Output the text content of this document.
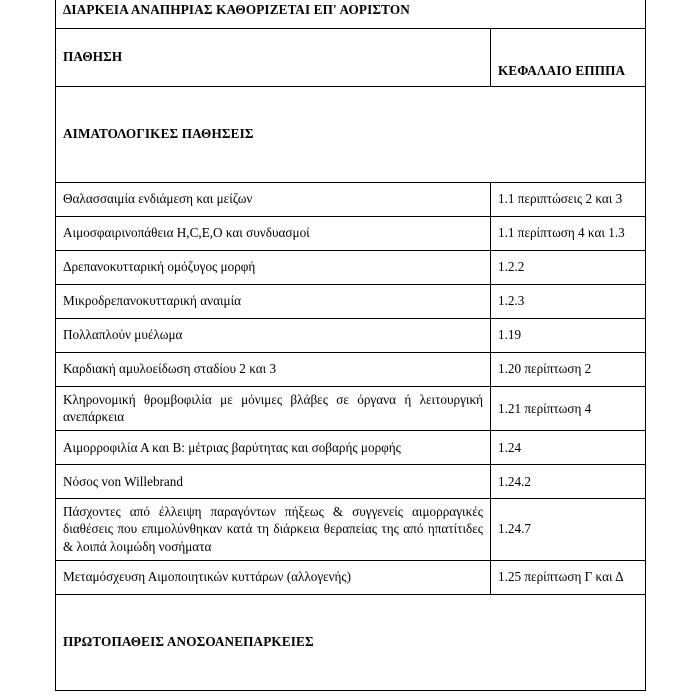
ΔΙΑΡΚΕΙΑ ΑΝΑΠΗΡΙΑΣ ΚΑΘΟΡΙΖΕΤΑΙ ΕΠ' ΑΟΡΙΣΤΟΝ	
ΠΑΘΗΣΗ	ΚΕΦΑΛΑΙΟ ΕΠΠΠΑ
ΑΙΜΑΤΟΛΟΓΙΚΕΣ ΠΑΘΗΣΕΙΣ	
Θαλασσαιμία ενδιάμεση και μείζων	1.1 περιπτώσεις 2 και 3
Αιμοσφαιρινοπάθεια H,C,E,O και συνδυασμοί	1.1 περίπτωση 4 και 1.3
Δρεπανοκυτταρική ομόζυγος μορφή	1.2.2
Μικροδρεπανοκυτταρική αναιμία	1.2.3
Πολλαπλούν μυέλωμα	1.19
Καρδιακή αμυλοείδωση σταδίου 2 και 3	1.20 περίπτωση 2
Κληρονομική θρομβοφιλία με μόνιμες βλάβες σε όργανα ή λειτουργική ανεπάρκεια	1.21 περίπτωση 4
Αιμορροφιλία Α και Β: μέτριας βαρύτητας και σοβαρής μορφής	1.24
Νόσος von Willebrand	1.24.2
Πάσχοντες από έλλειψη παραγόντων πήξεως & συγγενείς αιμορραγικές διαθέσεις που επιμολύνθηκαν κατά τη διάρκεια θεραπείας της από ηπατίτιδες & λοιπά λοιμώδη νοσήματα	1.24.7
Μεταμόσχευση Αιμοποιητικών κυττάρων (αλλογενής)	1.25 περίπτωση Γ και Δ
ΠΡΩΤΟΠΑΘΕΙΣ ΑΝΟΣΟΑΝΕΠΑΡΚΕΙΕΣ	
